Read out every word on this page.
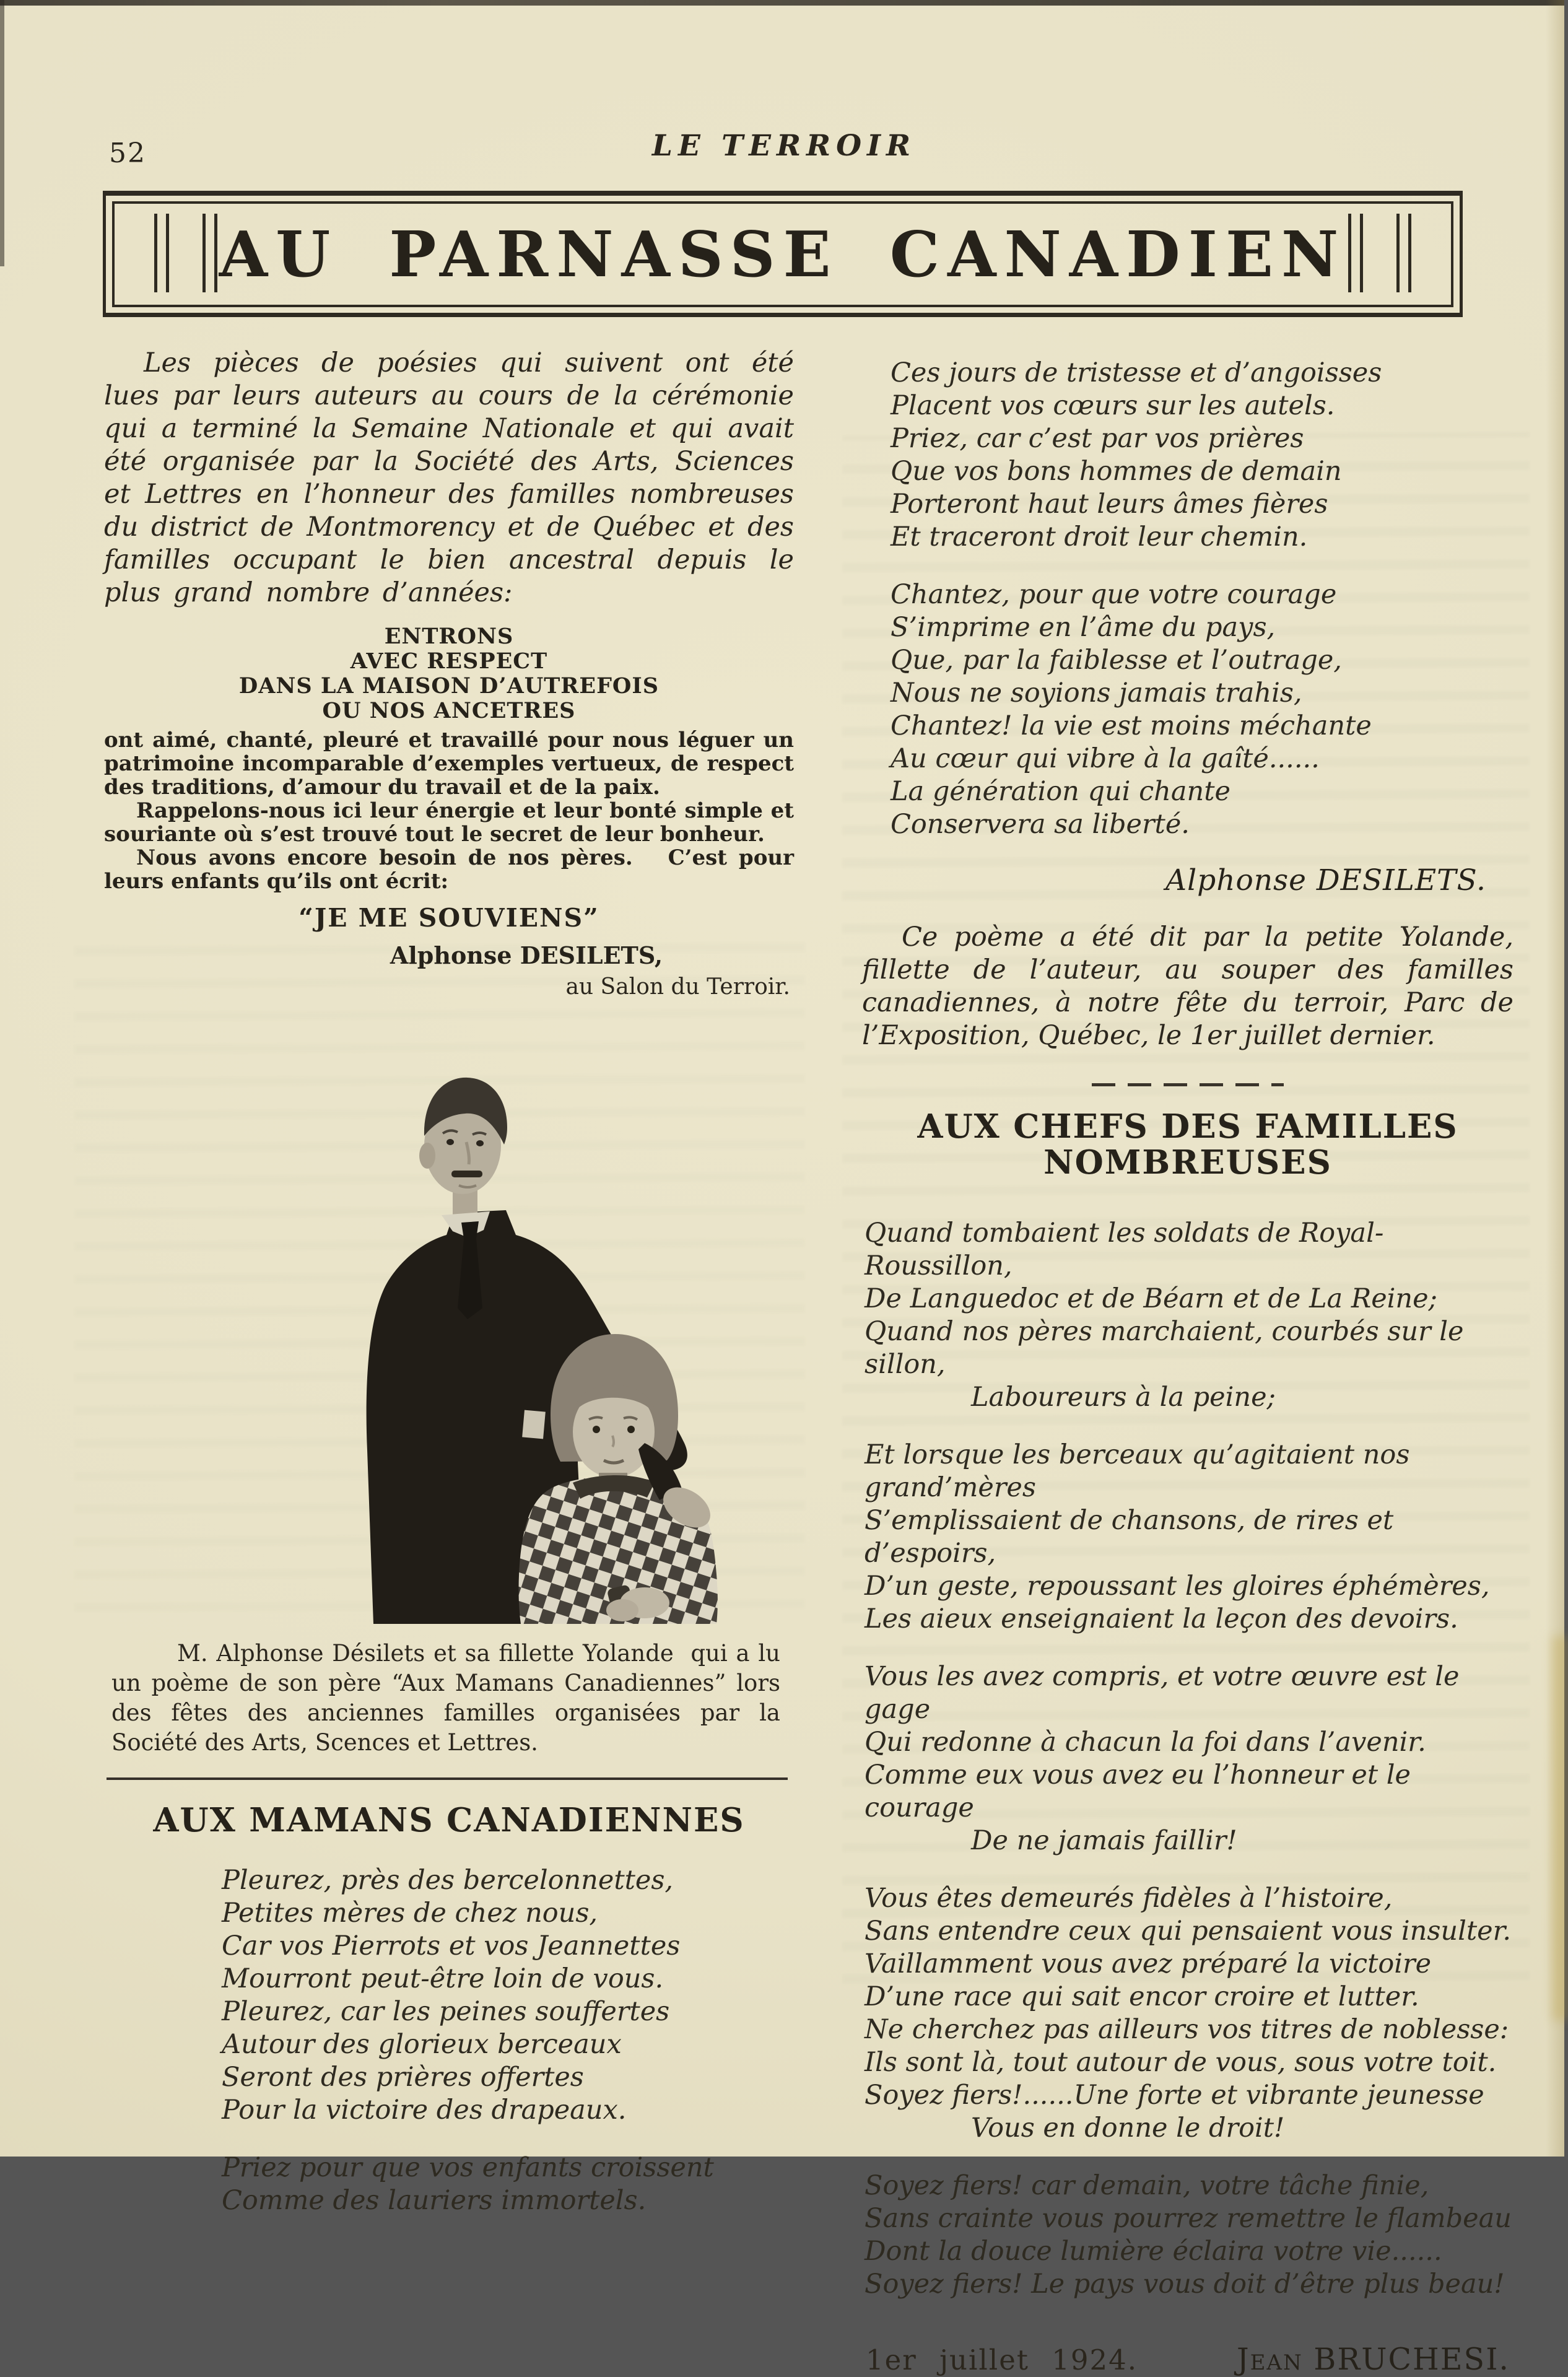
52	LE TERROIR
AU PARNASSE CANADIEN

Les pièces de poésies qui suivent ont été lues par leurs auteurs au cours de la cérémonie qui a terminé la Semaine Nationale et qui avait été organisée par la Société des Arts, Sciences et Lettres en l’honneur des familles nombreuses du district de Montmorency et de Québec et des familles occupant le bien ancestral depuis le plus grand nombre d’années:

ENTRONS
AVEC RESPECT
DANS LA MAISON D’AUTREFOIS
OU NOS ANCETRES

ont aimé, chanté, pleuré et travaillé pour nous léguer un patrimoine incomparable d’exemples vertueux, de respect des traditions, d’amour du travail et de la paix.

Rappelons-nous ici leur énergie et leur bonté simple et souriante où s’est trouvé tout le secret de leur bonheur.

Nous avons encore besoin de nos pères.   C’est pour leurs enfants qu’ils ont écrit:

“JE ME SOUVIENS”
Alphonse DESILETS,
au Salon du Terroir.

M. Alphonse Désilets et sa fillette Yolande  qui a lu un poème de son père “Aux Mamans Canadiennes” lors des fêtes des anciennes familles organisées par la Société des Arts, Scences et Lettres.

AUX MAMANS CANADIENNES
Pleurez, près des bercelonnettes,
Petites mères de chez nous,
Car vos Pierrots et vos Jeannettes
Mourront peut-être loin de vous.
Pleurez, car les peines souffertes
Autour des glorieux berceaux
Seront des prières offertes
Pour la victoire des drapeaux.
Priez pour que vos enfants croissent
Comme des lauriers immortels.
Ces jours de tristesse et d’angoisses
Placent vos cœurs sur les autels.
Priez, car c’est par vos prières
Que vos bons hommes de demain
Porteront haut leurs âmes fières
Et traceront droit leur chemin.
Chantez, pour que votre courage
S’imprime en l’âme du pays,
Que, par la faiblesse et l’outrage,
Nous ne soyions jamais trahis,
Chantez! la vie est moins méchante
Au cœur qui vibre à la gaîté......
La génération qui chante
Conservera sa liberté.
Alphonse DESILETS.

Ce poème a été dit par la petite Yolande, fillette de l’auteur, au souper des familles canadiennes, à notre fête du terroir, Parc de l’Exposition, Québec, le 1er juillet dernier.

AUX CHEFS DES FAMILLES NOMBREUSES
Quand tombaient les soldats de Royal-Roussillon,
De Languedoc et de Béarn et de La Reine;
Quand nos pères marchaient, courbés sur le sillon,
    Laboureurs à la peine;
Et lorsque les berceaux qu’agitaient nos  grand’mères
S’emplissaient de chansons, de rires et d’espoirs,
D’un geste, repoussant les gloires éphémères,
Les aieux enseignaient la leçon des devoirs.
Vous les avez compris, et votre œuvre est le gage
Qui redonne à chacun la foi dans l’avenir.
Comme eux vous avez eu l’honneur et le courage
    De ne jamais faillir!
Vous êtes demeurés fidèles à l’histoire,
Sans entendre ceux qui pensaient vous insulter.
Vaillamment vous avez préparé la victoire
D’une race qui sait encor croire et lutter.
Ne cherchez pas ailleurs vos titres de noblesse:
Ils sont là, tout autour de vous, sous votre toit.
Soyez fiers!......Une forte et vibrante jeunesse
    Vous en donne le droit!
Soyez fiers! car demain, votre tâche finie,
Sans crainte vous pourrez remettre le flambeau
Dont la douce lumière éclaira votre vie......
Soyez fiers! Le pays vous doit d’être plus beau!
1er juillet 1924.	Jean BRUCHESI.
